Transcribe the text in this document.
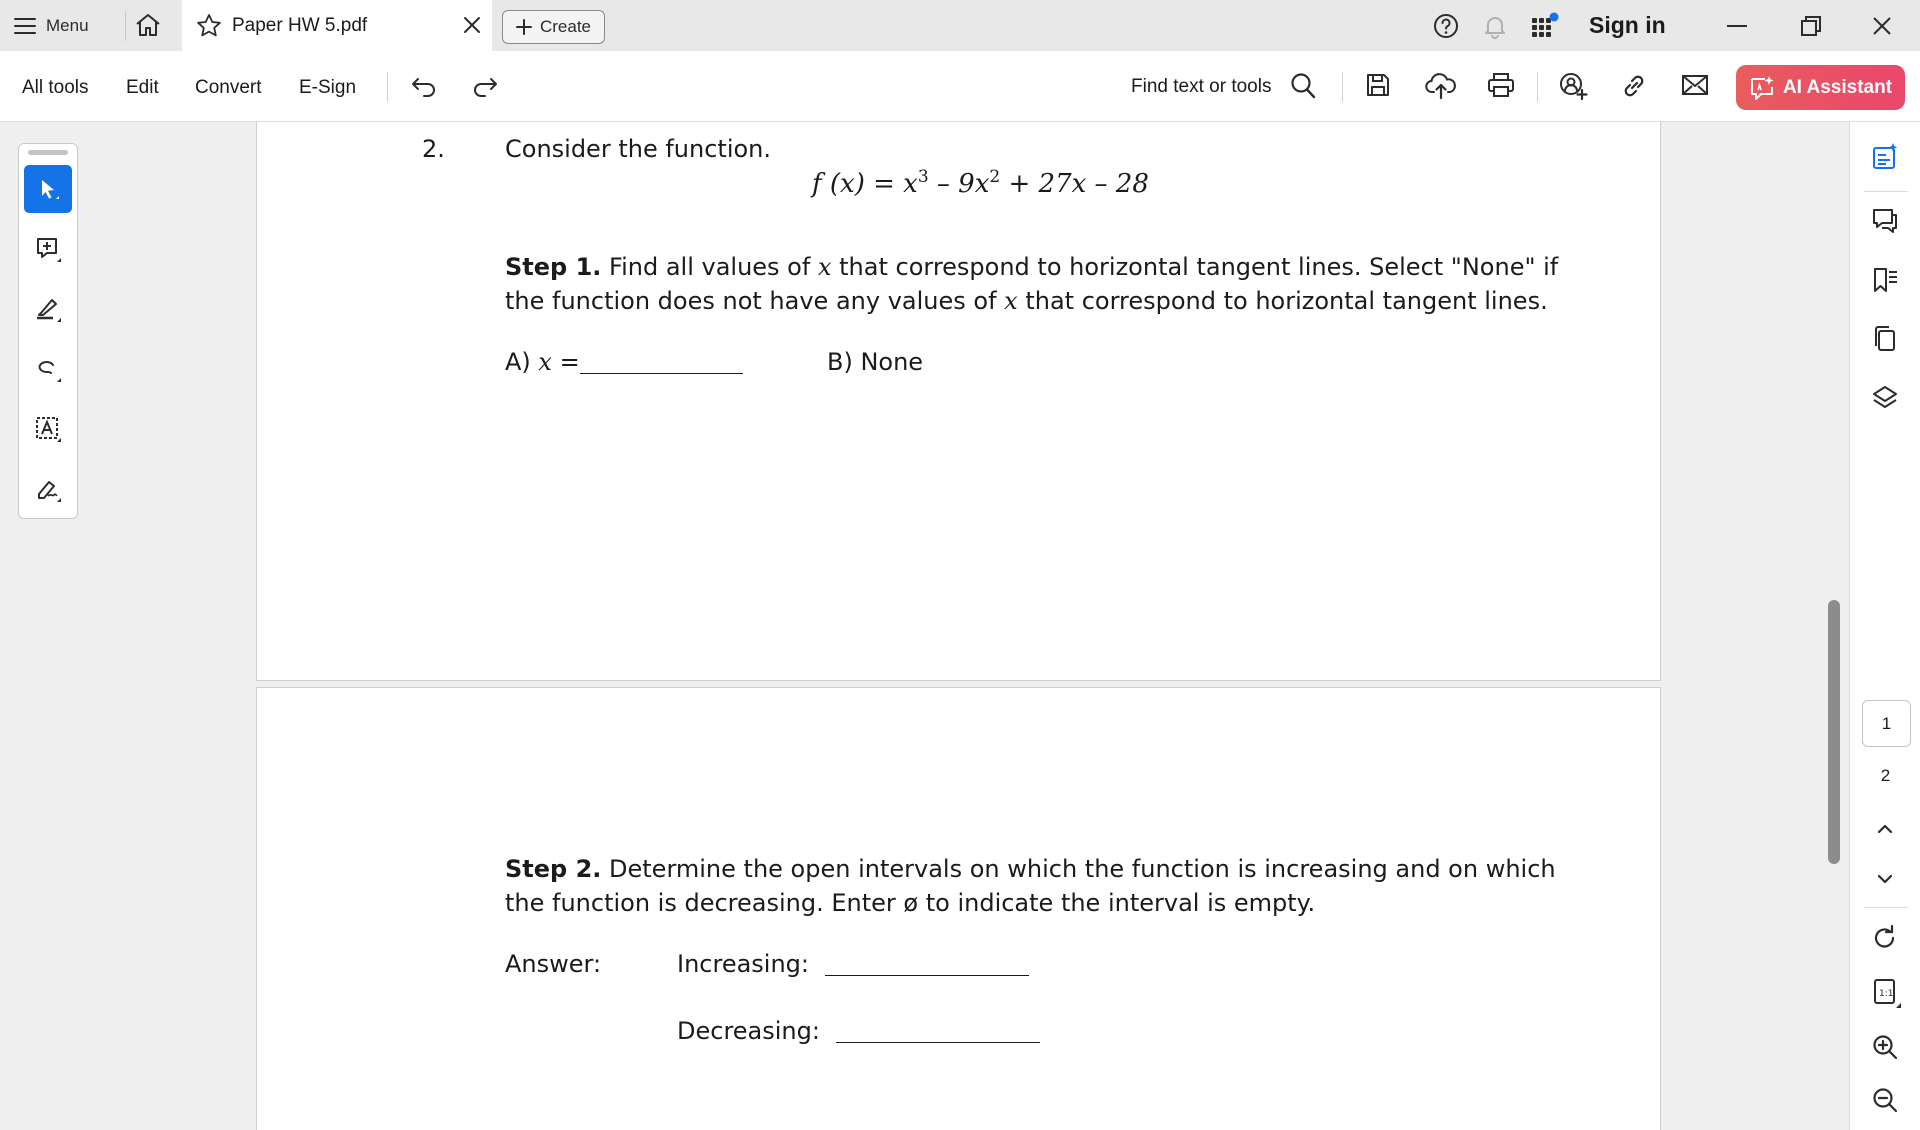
Menu	Paper HW 5.pdf	Create	Sign in
All tools Edit Convert E-Sign	Find text or tools	AI Assistant
2.	Consider the function.
f $(x) = x^3 - 9x^2 + 27x - 28$
Step 1. Find all values of x that correspond to horizontal tangent lines. Select "None" if
the function does not have any values of x that correspond to horizontal tangent lines.
A) x =	B) None
Step 2. Determine the open intervals on which the function is increasing and on which
the function is decreasing. Enter ø to indicate the interval is empty.
Answer:	Increasing:
Decreasing:
1
2
1:1
